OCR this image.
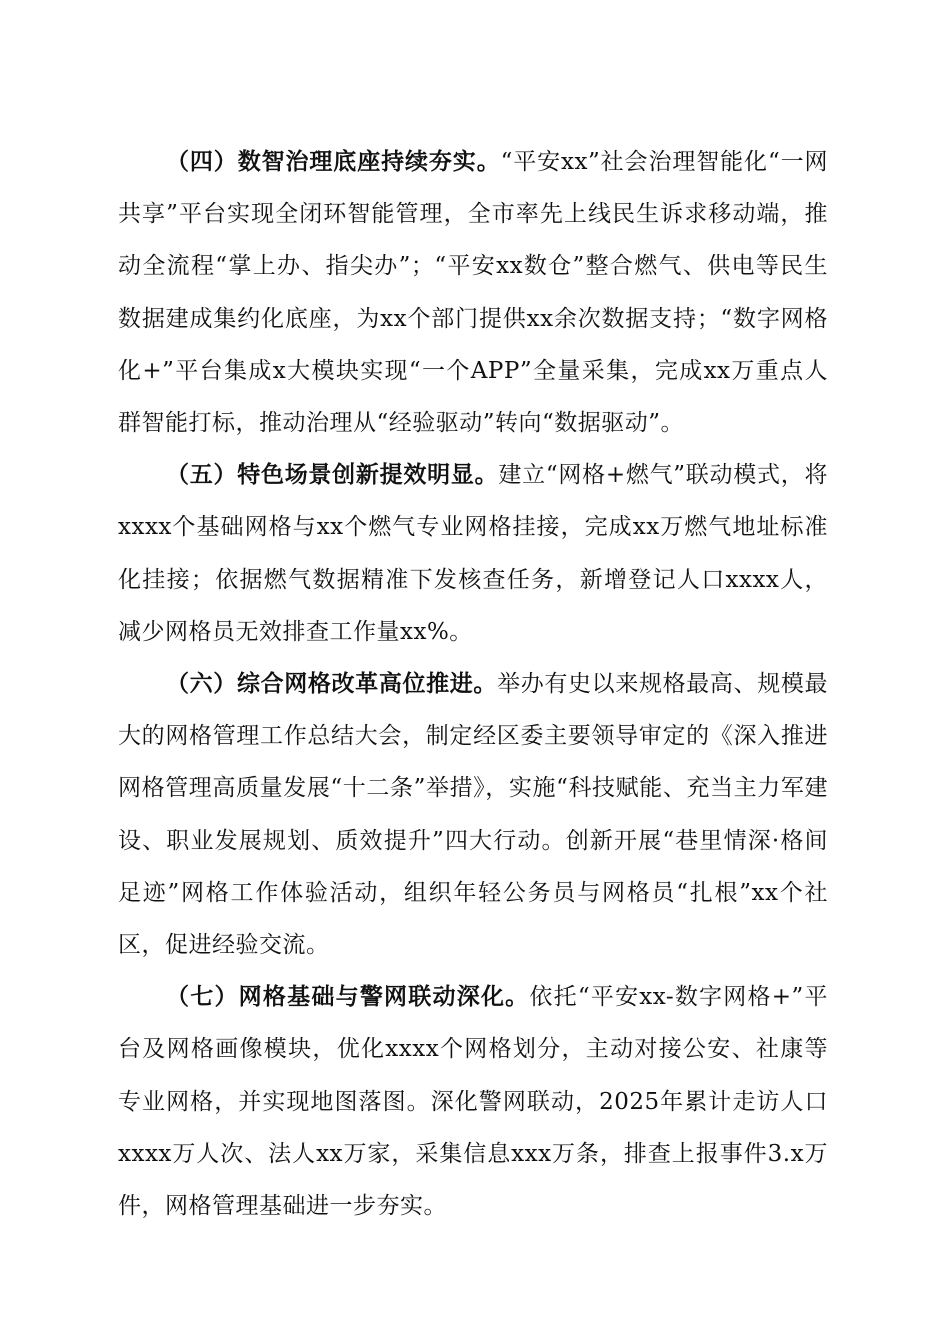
（四）数智治理底座持续夯实。“平安xx”社会治理智能化“一网共享”平台实现全闭环智能管理，全市率先上线民生诉求移动端，推动全流程“掌上办、指尖办”；“平安xx数仓”整合燃气、供电等民生数据建成集约化底座，为xx个部门提供xx余次数据支持；“数字网格化+”平台集成x大模块实现“一个APP”全量采集，完成xx万重点人群智能打标，推动治理从“经验驱动”转向“数据驱动”。

（五）特色场景创新提效明显。建立“网格+燃气”联动模式，将xxxx个基础网格与xx个燃气专业网格挂接，完成xx万燃气地址标准化挂接；依据燃气数据精准下发核查任务，新增登记人口xxxx人，减少网格员无效排查工作量xx%。

（六）综合网格改革高位推进。举办有史以来规格最高、规模最大的网格管理工作总结大会，制定经区委主要领导审定的《深入推进网格管理高质量发展“十二条”举措》，实施“科技赋能、充当主力军建设、职业发展规划、质效提升”四大行动。创新开展“巷里情深·格间足迹”网格工作体验活动，组织年轻公务员与网格员“扎根”xx个社区，促进经验交流。

（七）网格基础与警网联动深化。依托“平安xx-数字网格+”平台及网格画像模块，优化xxxx个网格划分，主动对接公安、社康等专业网格，并实现地图落图。深化警网联动，2025年累计走访人口xxxx万人次、法人xx万家，采集信息xxx万条，排查上报事件3.x万件，网格管理基础进一步夯实。
